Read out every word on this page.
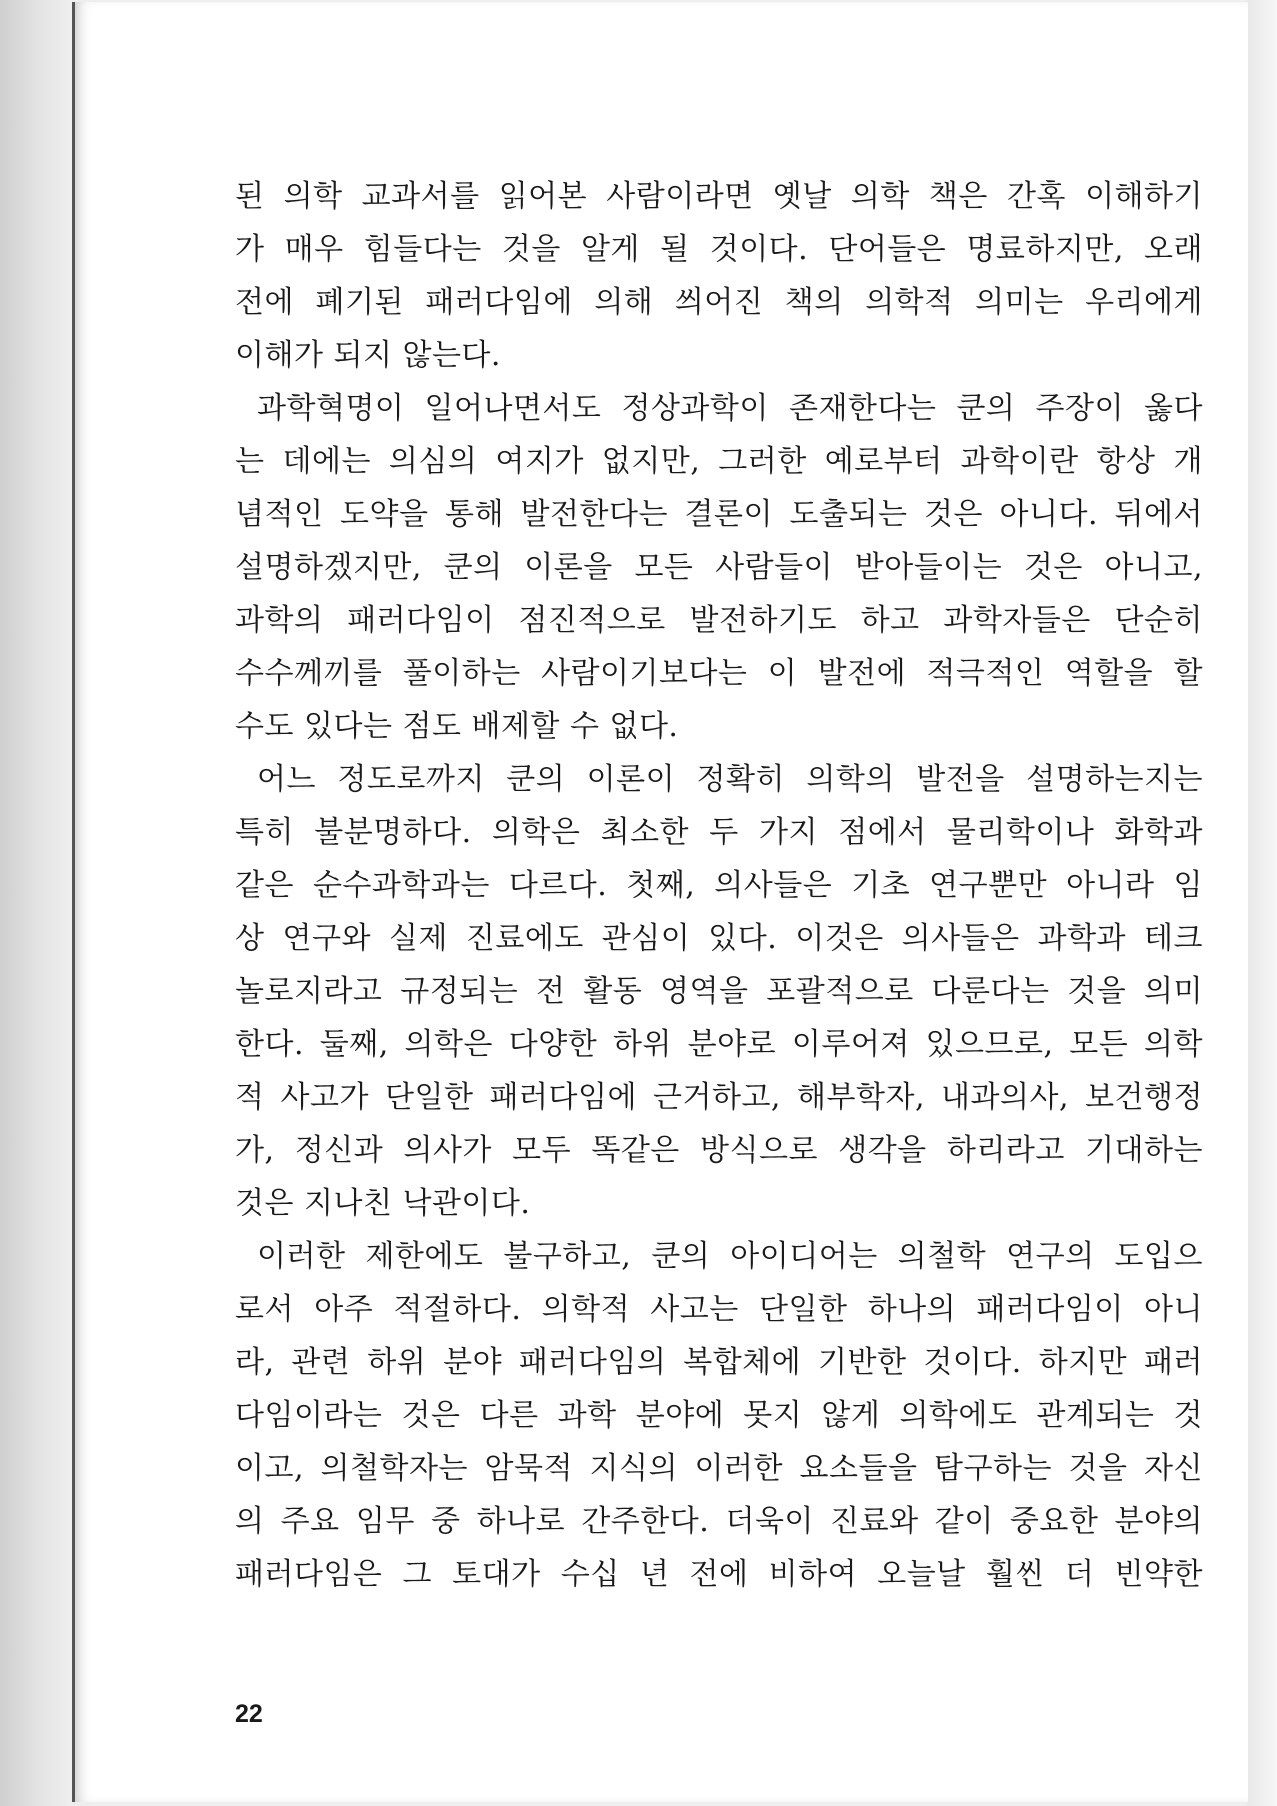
된 의학 교과서를 읽어본 사람이라면 옛날 의학 책은 간혹 이해하기
가 매우 힘들다는 것을 알게 될 것이다. 단어들은 명료하지만, 오래
전에 폐기된 패러다임에 의해 씌어진 책의 의학적 의미는 우리에게
이해가 되지 않는다.
과학혁명이 일어나면서도 정상과학이 존재한다는 쿤의 주장이 옳다
는 데에는 의심의 여지가 없지만, 그러한 예로부터 과학이란 항상 개
념적인 도약을 통해 발전한다는 결론이 도출되는 것은 아니다. 뒤에서
설명하겠지만, 쿤의 이론을 모든 사람들이 받아들이는 것은 아니고,
과학의 패러다임이 점진적으로 발전하기도 하고 과학자들은 단순히
수수께끼를 풀이하는 사람이기보다는 이 발전에 적극적인 역할을 할
수도 있다는 점도 배제할 수 없다.
어느 정도로까지 쿤의 이론이 정확히 의학의 발전을 설명하는지는
특히 불분명하다. 의학은 최소한 두 가지 점에서 물리학이나 화학과
같은 순수과학과는 다르다. 첫째, 의사들은 기초 연구뿐만 아니라 임
상 연구와 실제 진료에도 관심이 있다. 이것은 의사들은 과학과 테크
놀로지라고 규정되는 전 활동 영역을 포괄적으로 다룬다는 것을 의미
한다. 둘째, 의학은 다양한 하위 분야로 이루어져 있으므로, 모든 의학
적 사고가 단일한 패러다임에 근거하고, 해부학자, 내과의사, 보건행정
가, 정신과 의사가 모두 똑같은 방식으로 생각을 하리라고 기대하는
것은 지나친 낙관이다.
이러한 제한에도 불구하고, 쿤의 아이디어는 의철학 연구의 도입으
로서 아주 적절하다. 의학적 사고는 단일한 하나의 패러다임이 아니
라, 관련 하위 분야 패러다임의 복합체에 기반한 것이다. 하지만 패러
다임이라는 것은 다른 과학 분야에 못지 않게 의학에도 관계되는 것
이고, 의철학자는 암묵적 지식의 이러한 요소들을 탐구하는 것을 자신
의 주요 임무 중 하나로 간주한다. 더욱이 진료와 같이 중요한 분야의
패러다임은 그 토대가 수십 년 전에 비하여 오늘날 훨씬 더 빈약한
22
